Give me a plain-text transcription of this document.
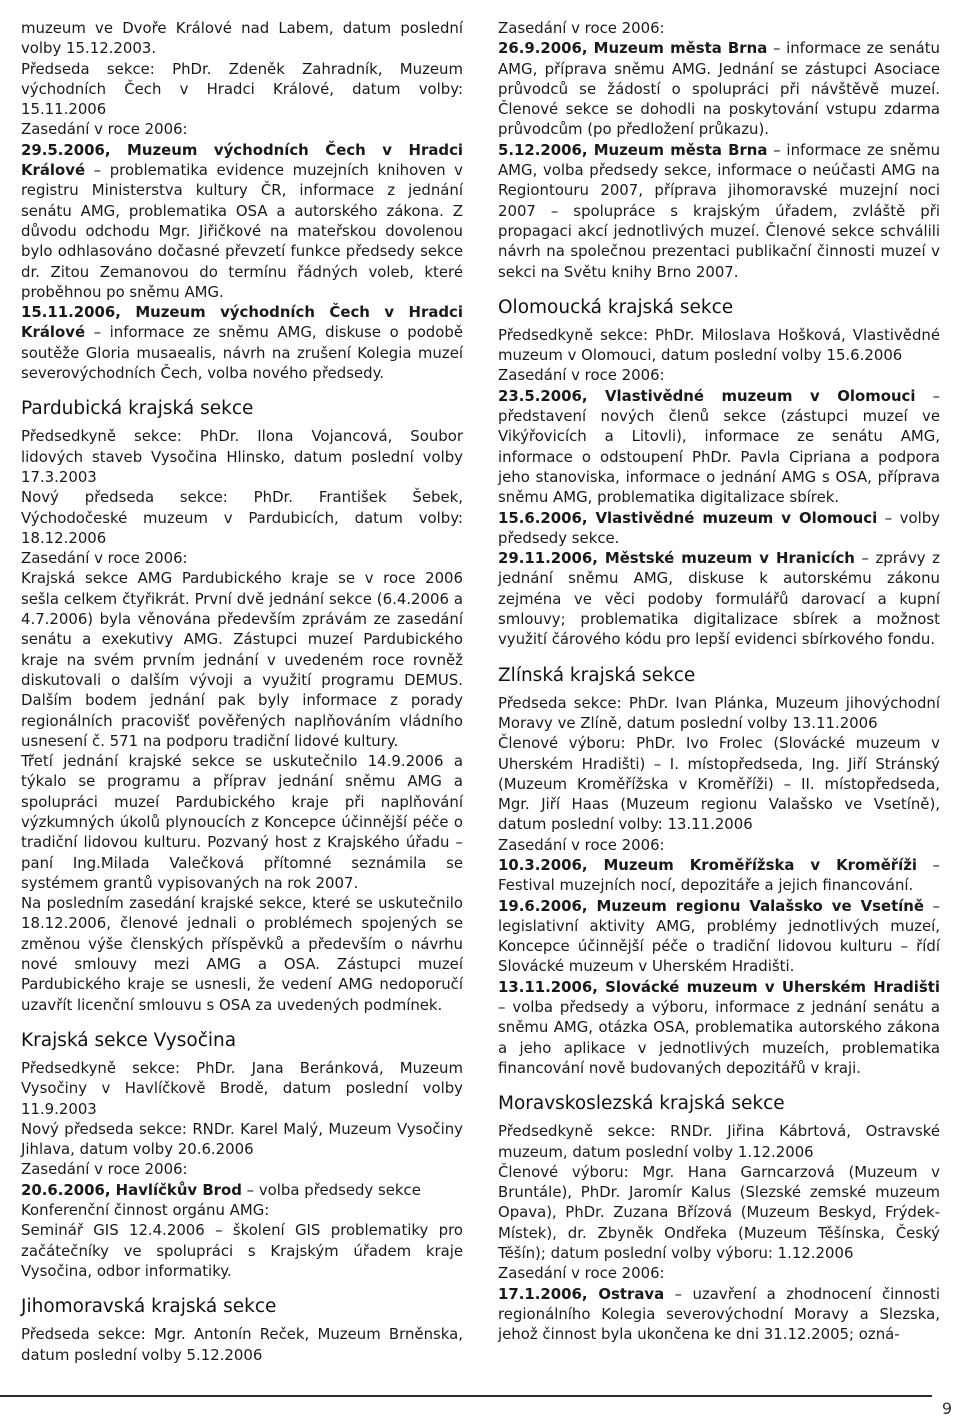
muzeum ve Dvoře Králové nad Labem, datum poslední volby 15.12.2003.

Předseda sekce: PhDr. Zdeněk Zahradník, Muzeum východních Čech v Hradci Králové, datum volby: 15.11.2006

Zasedání v roce 2006:

29.5.2006, Muzeum východních Čech v Hradci Králové – problematika evidence muzejních knihoven v registru Ministerstva kultury ČR, informace z jednání senátu AMG, problematika OSA a autorského zákona. Z důvodu odchodu Mgr. Jiřičkové na mateřskou dovolenou bylo odhlasováno dočasné převzetí funkce předsedy sekce dr. Zitou Zemanovou do termínu řádných voleb, které proběhnou po sněmu AMG.

15.11.2006, Muzeum východních Čech v Hradci Králové – informace ze sněmu AMG, diskuse o podobě soutěže Gloria musaealis, návrh na zrušení Kolegia muzeí severovýchodních Čech, volba nového předsedy.

Pardubická krajská sekce

Předsedkyně sekce: PhDr. Ilona Vojancová, Soubor lidových staveb Vysočina Hlinsko, datum poslední volby 17.3.2003

Nový předseda sekce: PhDr. František Šebek, Východočeské muzeum v Pardubicích, datum volby: 18.12.2006

Zasedání v roce 2006:

Krajská sekce AMG Pardubického kraje se v roce 2006 sešla celkem čtyřikrát. První dvě jednání sekce (6.4.2006 a 4.7.2006) byla věnována především zprávám ze zasedání senátu a exekutivy AMG. Zástupci muzeí Pardubického kraje na svém prvním jednání v uvedeném roce rovněž diskutovali o dalším vývoji a využití programu DEMUS. Dalším bodem jednání pak byly informace z porady regionálních pracovišť pověřených naplňováním vládního usnesení č. 571 na podporu tradiční lidové kultury.

Třetí jednání krajské sekce se uskutečnilo 14.9.2006 a týkalo se programu a příprav jednání sněmu AMG a spolupráci muzeí Pardubického kraje při naplňování výzkumných úkolů plynoucích z Koncepce účinnější péče o tradiční lidovou kulturu. Pozvaný host z Krajského úřadu – paní Ing.Milada Valečková přítomné seznámila se systémem grantů vypisovaných na rok 2007.

Na posledním zasedání krajské sekce, které se uskutečnilo 18.12.2006, členové jednali o problémech spojených se změnou výše členských příspěvků a především o návrhu nové smlouvy mezi AMG a OSA. Zástupci muzeí Pardubického kraje se usnesli, že vedení AMG nedoporučí uzavřít licenční smlouvu s OSA za uvedených podmínek.

Krajská sekce Vysočina

Předsedkyně sekce: PhDr. Jana Beránková, Muzeum Vysočiny v Havlíčkově Brodě, datum poslední volby 11.9.2003

Nový předseda sekce: RNDr. Karel Malý, Muzeum Vysočiny Jihlava, datum volby 20.6.2006

Zasedání v roce 2006:

20.6.2006, Havlíčkův Brod – volba předsedy sekce

Konferenční činnost orgánu AMG:

Seminář GIS 12.4.2006 – školení GIS problematiky pro začátečníky ve spolupráci s Krajským úřadem kraje Vysočina, odbor informatiky.

Jihomoravská krajská sekce

Předseda sekce: Mgr. Antonín Reček, Muzeum Brněnska, datum poslední volby 5.12.2006

Zasedání v roce 2006:

26.9.2006, Muzeum města Brna – informace ze senátu AMG, příprava sněmu AMG. Jednání se zástupci Asociace průvodců se žádostí o spolupráci při návštěvě muzeí. Členové sekce se dohodli na poskytování vstupu zdarma průvodcům (po předložení průkazu).

5.12.2006, Muzeum města Brna – informace ze sněmu AMG, volba předsedy sekce, informace o neúčasti AMG na Regiontouru 2007, příprava jihomoravské muzejní noci 2007 – spolupráce s krajským úřadem, zvláště při propagaci akcí jednotlivých muzeí. Členové sekce schválili návrh na společnou prezentaci publikační činnosti muzeí v sekci na Světu knihy Brno 2007.

Olomoucká krajská sekce

Předsedkyně sekce: PhDr. Miloslava Hošková, Vlastivědné muzeum v Olomouci, datum poslední volby 15.6.2006

Zasedání v roce 2006:

23.5.2006, Vlastivědné muzeum v Olomouci – představení nových členů sekce (zástupci muzeí ve Vikýřovicích a Litovli), informace ze senátu AMG, informace o odstoupení PhDr. Pavla Cipriana a podpora jeho stanoviska, informace o jednání AMG s OSA, příprava sněmu AMG, problematika digitalizace sbírek.

15.6.2006, Vlastivědné muzeum v Olomouci – volby předsedy sekce.

29.11.2006, Městské muzeum v Hranicích – zprávy z jednání sněmu AMG, diskuse k autorskému zákonu zejména ve věci podoby formulářů darovací a kupní smlouvy; problematika digitalizace sbírek a možnost využití čárového kódu pro lepší evidenci sbírkového fondu.

Zlínská krajská sekce

Předseda sekce: PhDr. Ivan Plánka, Muzeum jihovýchodní Moravy ve Zlíně, datum poslední volby 13.11.2006

Členové výboru: PhDr. Ivo Frolec (Slovácké muzeum v Uherském Hradišti) – I. místopředseda, Ing. Jiří Stránský (Muzeum Kroměřížska v Kroměříži) – II. místopředseda, Mgr. Jiří Haas (Muzeum regionu Valašsko ve Vsetíně), datum poslední volby: 13.11.2006

Zasedání v roce 2006:

10.3.2006, Muzeum Kroměřížska v Kroměříži – Festival muzejních nocí, depozitáře a jejich financování.

19.6.2006, Muzeum regionu Valašsko ve Vsetíně – legislativní aktivity AMG, problémy jednotlivých muzeí, Koncepce účinnější péče o tradiční lidovou kulturu – řídí Slovácké muzeum v Uherském Hradišti.

13.11.2006, Slovácké muzeum v Uherském Hradišti – volba předsedy a výboru, informace z jednání senátu a sněmu AMG, otázka OSA, problematika autorského zákona a jeho aplikace v jednotlivých muzeích, problematika financování nově budovaných depozitářů v kraji.

Moravskoslezská krajská sekce

Předsedkyně sekce: RNDr. Jiřina Kábrtová, Ostravské muzeum, datum poslední volby 1.12.2006

Členové výboru: Mgr. Hana Garncarzová (Muzeum v Bruntále), PhDr. Jaromír Kalus (Slezské zemské muzeum Opava), PhDr. Zuzana Břízová (Muzeum Beskyd, Frýdek-Místek), dr. Zbyněk Ondřeka (Muzeum Těšínska, Český Těšín); datum poslední volby výboru: 1.12.2006

Zasedání v roce 2006:

17.1.2006, Ostrava – uzavření a zhodnocení činnosti regionálního Kolegia severovýchodní Moravy a Slezska, jehož činnost byla ukončena ke dni 31.12.2005; ozná-

9
